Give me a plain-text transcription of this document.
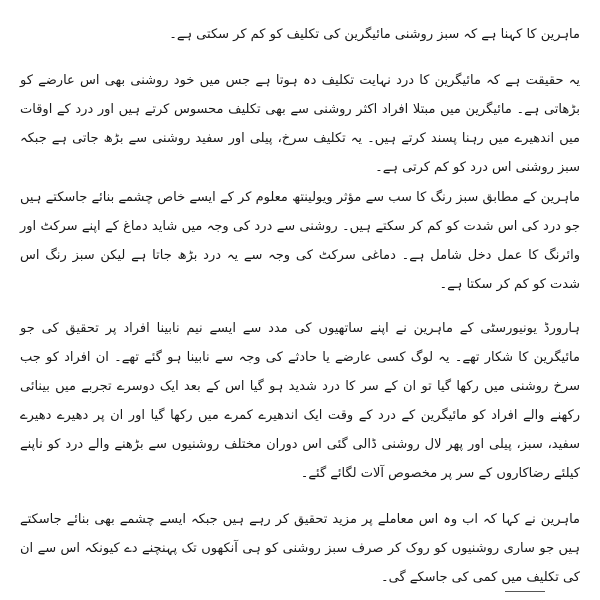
ماہرین کا کہنا ہے کہ سبز روشنی مائیگرین کی تکلیف کو کم کر سکتی ہے۔

یہ حقیقت ہے کہ مائیگرین کا درد نہایت تکلیف دہ ہوتا ہے جس میں خود روشنی بھی اس عارضے کو بڑھاتی ہے۔ مائیگرین میں مبتلا افراد اکثر روشنی سے بھی تکلیف محسوس کرتے ہیں اور درد کے اوقات میں اندھیرے میں رہنا پسند کرتے ہیں۔ یہ تکلیف سرخ، پیلی اور سفید روشنی سے بڑھ جاتی ہے جبکہ سبز روشنی اس درد کو کم کرتی ہے۔

ماہرین کے مطابق سبز رنگ کا سب سے مؤثر ویولینتھ معلوم کر کے ایسے خاص چشمے بنائے جاسکتے ہیں جو درد کی اس شدت کو کم کر سکتے ہیں۔ روشنی سے درد کی وجہ میں شاید دماغ کے اپنے سرکٹ اور وائرنگ کا عمل دخل شامل ہے۔ دماغی سرکٹ کی وجہ سے یہ درد بڑھ جاتا ہے لیکن سبز رنگ اس شدت کو کم کر سکتا ہے۔

ہارورڈ یونیورسٹی کے ماہرین نے اپنے ساتھیوں کی مدد سے ایسے نیم نابینا افراد پر تحقیق کی جو مائیگرین کا شکار تھے۔ یہ لوگ کسی عارضے یا حادثے کی وجہ سے نابینا ہو گئے تھے۔ ان افراد کو جب سرخ روشنی میں رکھا گیا تو ان کے سر کا درد شدید ہو گیا اس کے بعد ایک دوسرے تجربے میں بینائی رکھنے والے افراد کو مائیگرین کے درد کے وقت ایک اندھیرے کمرے میں رکھا گیا اور ان پر دھیرے دھیرے سفید، سبز، پیلی اور پھر لال روشنی ڈالی گئی اس دوران مختلف روشنیوں سے بڑھنے والے درد کو ناپنے کیلئے رضاکاروں کے سر پر مخصوص آلات لگائے گئے۔

ماہرین نے کہا کہ اب وہ اس معاملے پر مزید تحقیق کر رہے ہیں جبکہ ایسے چشمے بھی بنائے جاسکتے ہیں جو ساری روشنیوں کو روک کر صرف سبز روشنی کو ہی آنکھوں تک پہنچنے دے کیونکہ اس سے ان کی تکلیف میں کمی کی جاسکے گی۔
